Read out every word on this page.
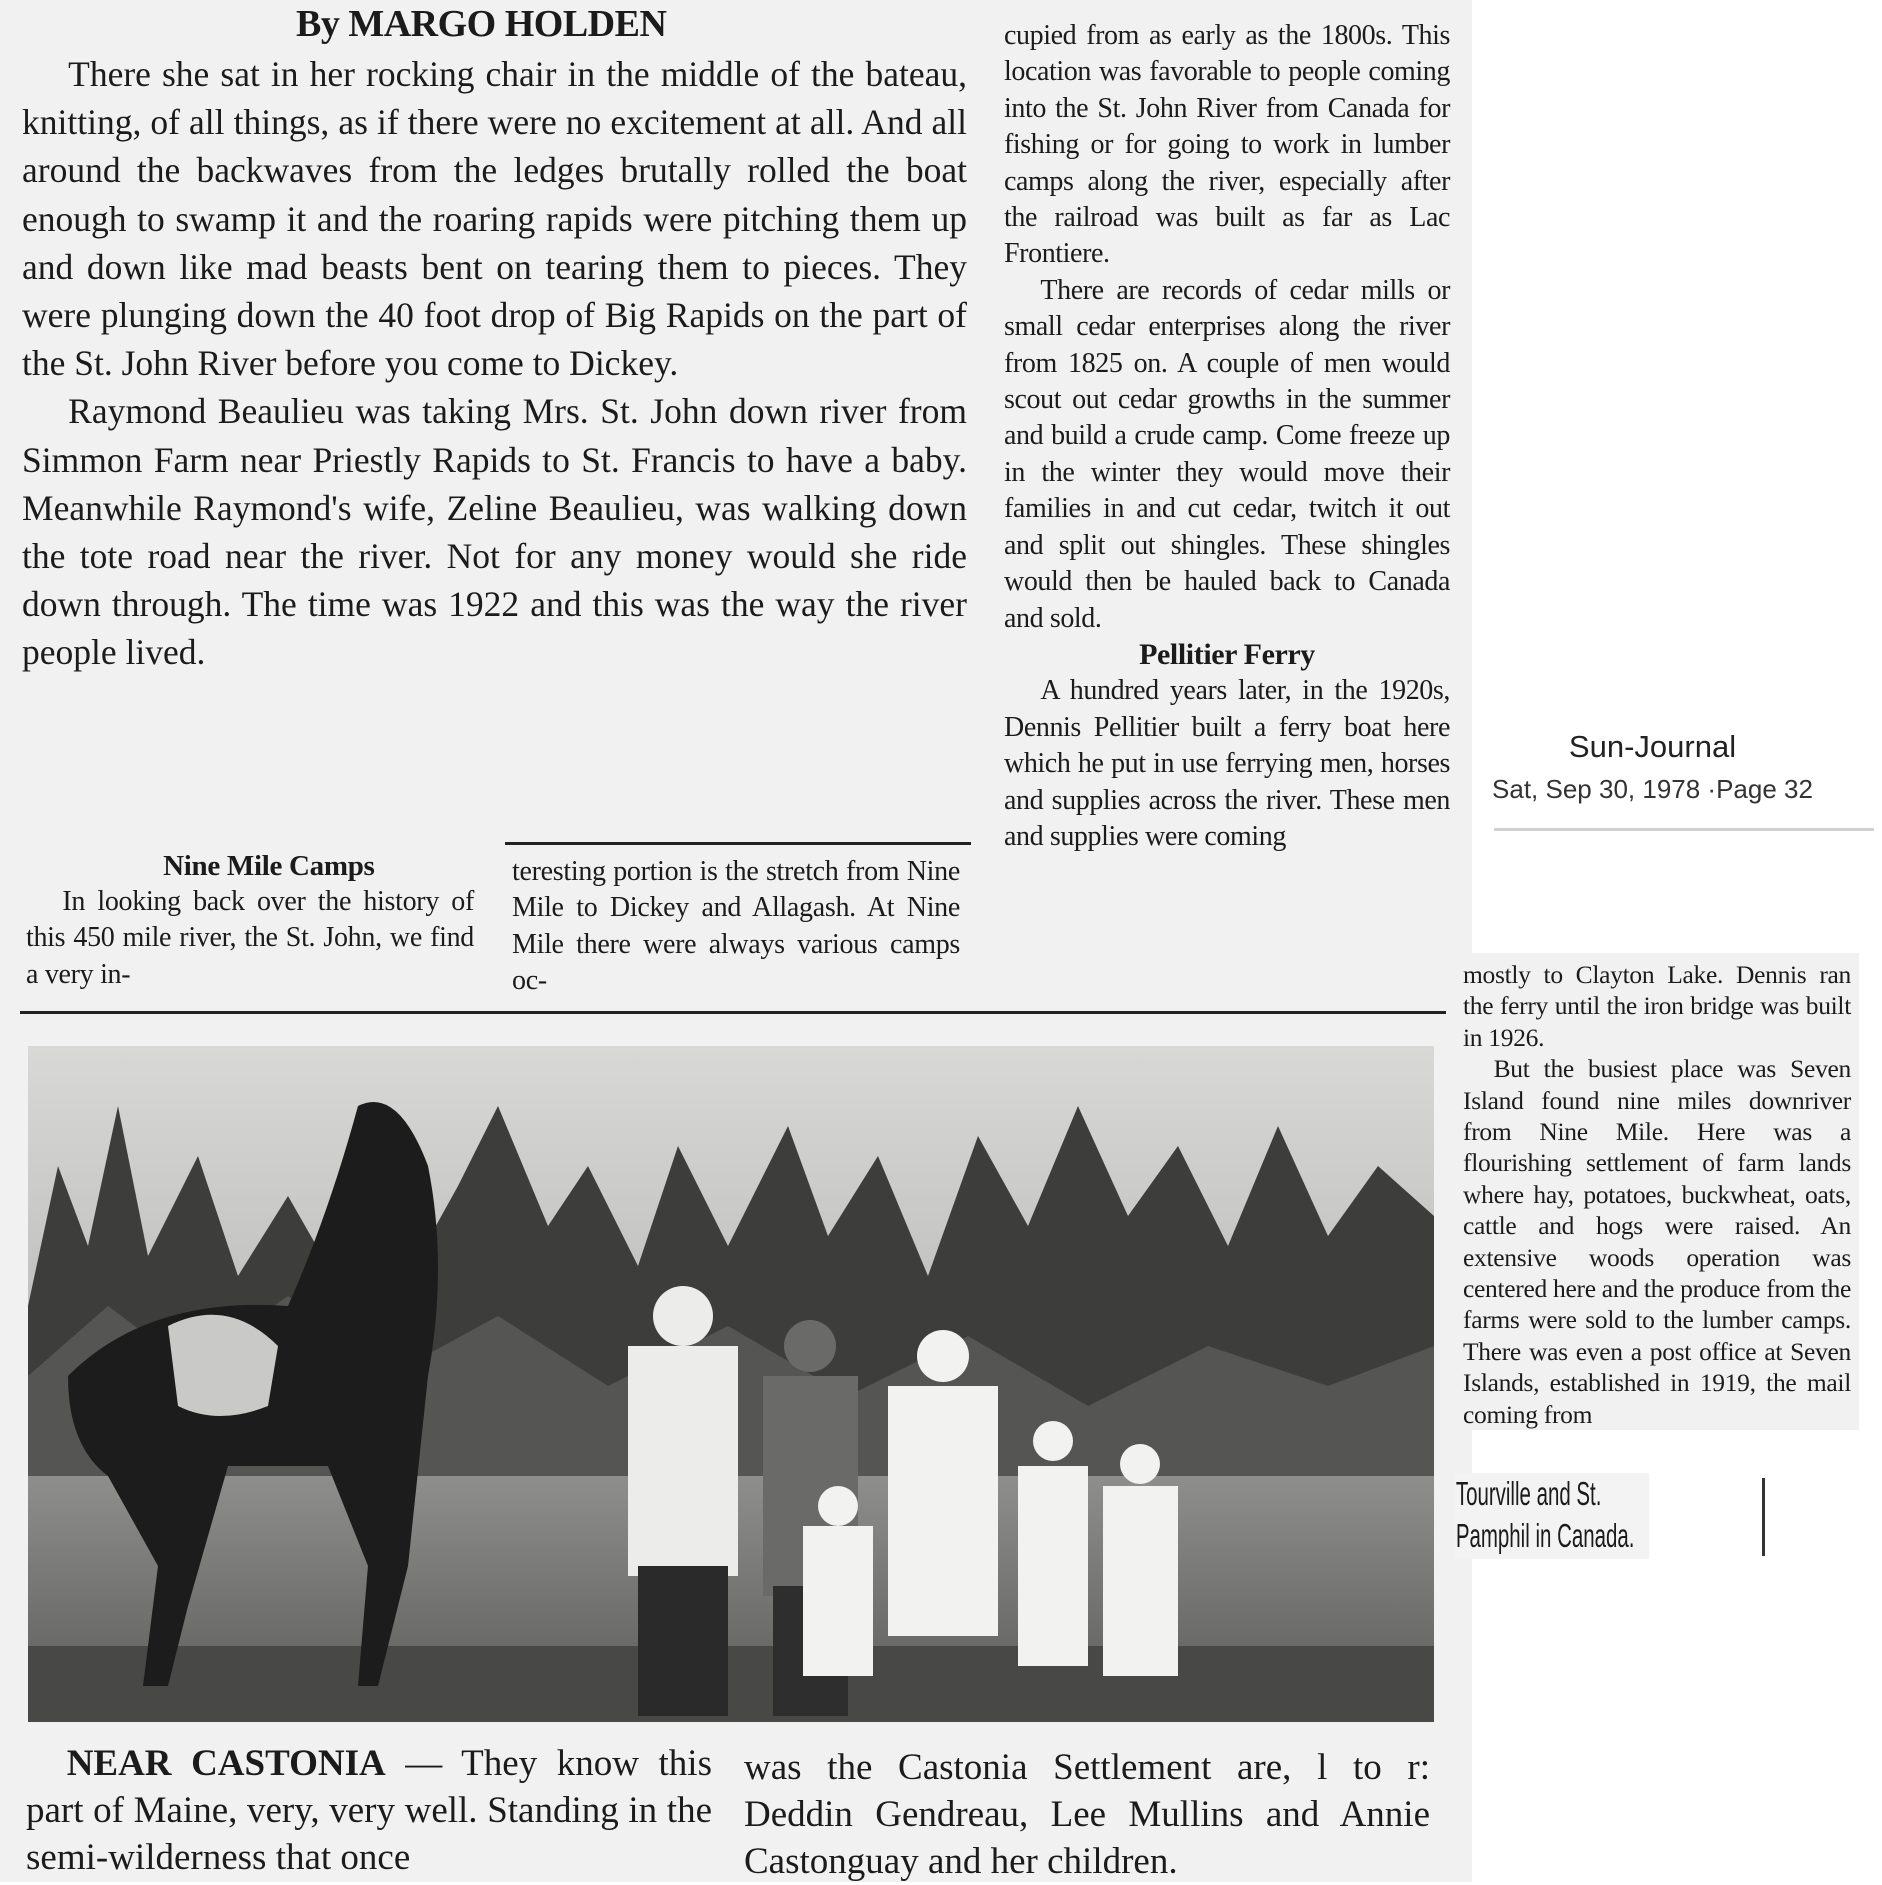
By MARGO HOLDEN

There she sat in her rocking chair in the middle of the bateau, knitting, of all things, as if there were no excitement at all. And all around the backwaves from the ledges brutally rolled the boat enough to swamp it and the roaring rapids were pitching them up and down like mad beasts bent on tearing them to pieces. They were plunging down the 40 foot drop of Big Rapids on the part of the St. John River before you come to Dickey.

Raymond Beaulieu was taking Mrs. St. John down river from Simmon Farm near Priestly Rapids to St. Francis to have a baby. Meanwhile Raymond's wife, Zeline Beaulieu, was walking down the tote road near the river. Not for any money would she ride down through. The time was 1922 and this was the way the river people lived.

Nine Mile Camps

In looking back over the history of this 450 mile river, the St. John, we find a very in-

teresting portion is the stretch from Nine Mile to Dickey and Allagash. At Nine Mile there were always various camps oc-

cupied from as early as the 1800s. This location was favorable to people coming into the St. John River from Canada for fishing or for going to work in lumber camps along the river, especially after the railroad was built as far as Lac Frontiere.

There are records of cedar mills or small cedar enterprises along the river from 1825 on. A couple of men would scout out cedar growths in the summer and build a crude camp. Come freeze up in the winter they would move their families in and cut cedar, twitch it out and split out shingles. These shingles would then be hauled back to Canada and sold.

Pellitier Ferry

A hundred years later, in the 1920s, Dennis Pellitier built a ferry boat here which he put in use ferrying men, horses and supplies across the river. These men and supplies were coming

NEAR CASTONIA — They know this part of Maine, very, very well. Standing in the semi-wilderness that once

was the Castonia Settlement are, l to r: Deddin Gendreau, Lee Mullins and Annie Castonguay and her children.

mostly to Clayton Lake. Dennis ran the ferry until the iron bridge was built in 1926.

But the busiest place was Seven Island found nine miles downriver from Nine Mile. Here was a flourishing settlement of farm lands where hay, potatoes, buckwheat, oats, cattle and hogs were raised. An extensive woods operation was centered here and the produce from the farms were sold to the lumber camps. There was even a post office at Seven Islands, established in 1919, the mail coming from

Tourville and St. Pamphil in Canada.
Sun-Journal
Sat, Sep 30, 1978 ·Page 32
